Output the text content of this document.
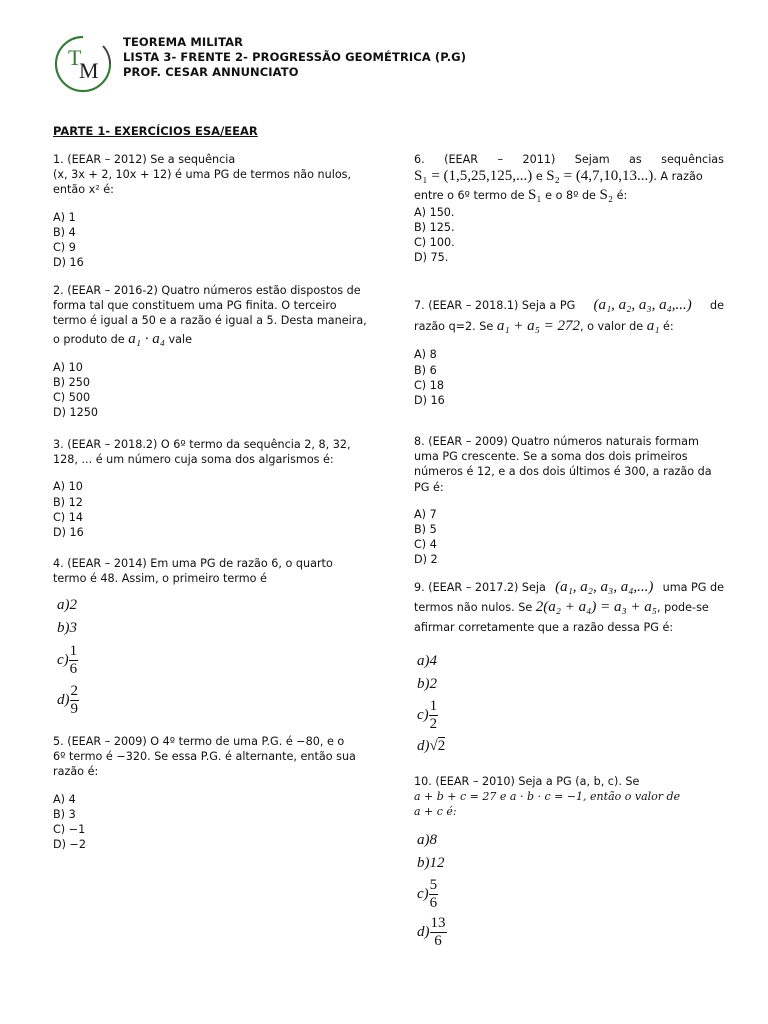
T
M
TEOREMA MILITAR
LISTA 3- FRENTE 2- PROGRESSÃO GEOMÉTRICA (P.G)
PROF. CESAR ANNUNCIATO
PARTE 1- EXERCÍCIOS ESA/EEAR
1. (EEAR – 2012) Se a sequência
(x, 3x + 2, 10x + 12) é uma PG de termos não nulos,
então x² é:
A) 1
B) 4
C) 9
D) 16
2. (EEAR – 2016-2) Quatro números estão dispostos de
forma tal que constituem uma PG finita. O terceiro
termo é igual a 50 e a razão é igual a 5. Desta maneira,
o produto de a₁ · a₄ vale
A) 10
B) 250
C) 500
D) 1250
3. (EEAR – 2018.2) O 6º termo da sequência 2, 8, 32,
128, ... é um número cuja soma dos algarismos é:
A) 10
B) 12
C) 14
D) 16
4. (EEAR – 2014) Em uma PG de razão 6, o quarto
termo é 48. Assim, o primeiro termo é
a)2
b)3
$c) \frac{1}{6}$
$d) \frac{2}{9}$
5. (EEAR – 2009) O 4º termo de uma P.G. é −80, e o
6º termo é −320. Se essa P.G. é alternante, então sua
razão é:
A) 4
B) 3
C) −1
D) −2
6. (EEAR – 2011) Sejam as sequências
S₁ = (1,5,25,125,...) e S₂ = (4,7,10,13...). A razão
entre o 6º termo de S₁ e o 8º de S₂ é:
A) 150.
B) 125.
C) 100.
D) 75.
7. (EEAR – 2018.1) Seja a PG (a₁, a₂, a₃, a₄,...) de
razão q=2. Se a₁ + a₅ = 272, o valor de a₁ é:
A) 8
B) 6
C) 18
D) 16
8. (EEAR – 2009) Quatro números naturais formam
uma PG crescente. Se a soma dos dois primeiros
números é 12, e a dos dois últimos é 300, a razão da
PG é:
A) 7
B) 5
C) 4
D) 2
9. (EEAR – 2017.2) Seja (a₁, a₂, a₃, a₄,...) uma PG de
termos não nulos. Se 2(a₂ + a₄) = a₃ + a₅, pode-se
afirmar corretamente que a razão dessa PG é:
a)4
b)2
$c) \frac{1}{2}$
d)√2
10. (EEAR – 2010) Seja a PG (a, b, c). Se
a + b + c = 27 e a · b · c = −1, então o valor de
a + c é:
a)8
b)12
$c) \frac{5}{6}$
$d) \frac{13}{6}$
